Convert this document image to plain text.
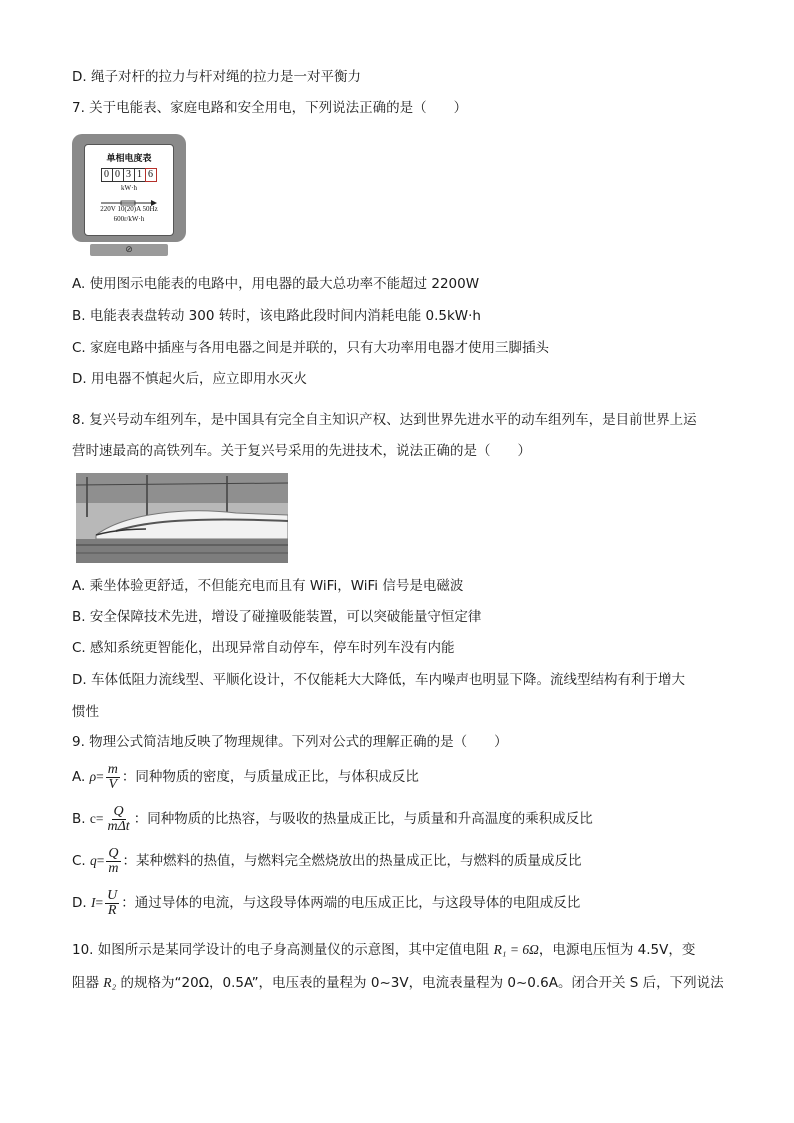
D. 绳子对杆的拉力与杆对绳的拉力是一对平衡力
7. 关于电能表、家庭电路和安全用电，下列说法正确的是（　　）
单相电度表
0 0 3 1 6
kW·h
220V 10(20)A 50Hz
600r/kW·h
⊘
A. 使用图示电能表的电路中，用电器的最大总功率不能超过 2200W
B. 电能表表盘转动 300 转时，该电路此段时间内消耗电能 0.5kW·h
C. 家庭电路中插座与各用电器之间是并联的，只有大功率用电器才使用三脚插头
D. 用电器不慎起火后，应立即用水灭火
8. 复兴号动车组列车，是中国具有完全自主知识产权、达到世界先进水平的动车组列车，是目前世界上运
营时速最高的高铁列车。关于复兴号采用的先进技术，说法正确的是（　　）
A. 乘坐体验更舒适，不但能充电而且有 WiFi，WiFi 信号是电磁波
B. 安全保障技术先进，增设了碰撞吸能装置，可以突破能量守恒定律
C. 感知系统更智能化，出现异常自动停车，停车时列车没有内能
D. 车体低阻力流线型、平顺化设计，不仅能耗大大降低，车内噪声也明显下降。流线型结构有利于增大
惯性
9. 物理公式简洁地反映了物理规律。下列对公式的理解正确的是（　　）
A. $\rho= \frac{m}{V}$ ：同种物质的密度，与质量成正比，与体积成反比
B. $c= \frac{Q}{\text{mΔt}}$ ：同种物质的比热容，与吸收的热量成正比，与质量和升高温度的乘积成反比
C. $q= \frac{Q}{m}$ ：某种燃料的热值，与燃料完全燃烧放出的热量成正比，与燃料的质量成反比
D. $I= \frac{U}{R}$ ：通过导体的电流，与这段导体两端的电压成正比，与这段导体的电阻成反比
10. 如图所示是某同学设计的电子身高测量仪的示意图，其中定值电阻 R₁ = 6Ω，电源电压恒为 4.5V，变
阻器 R₂ 的规格为“20Ω，0.5A”，电压表的量程为 0~3V，电流表量程为 0~0.6A。闭合开关 S 后，下列说法
